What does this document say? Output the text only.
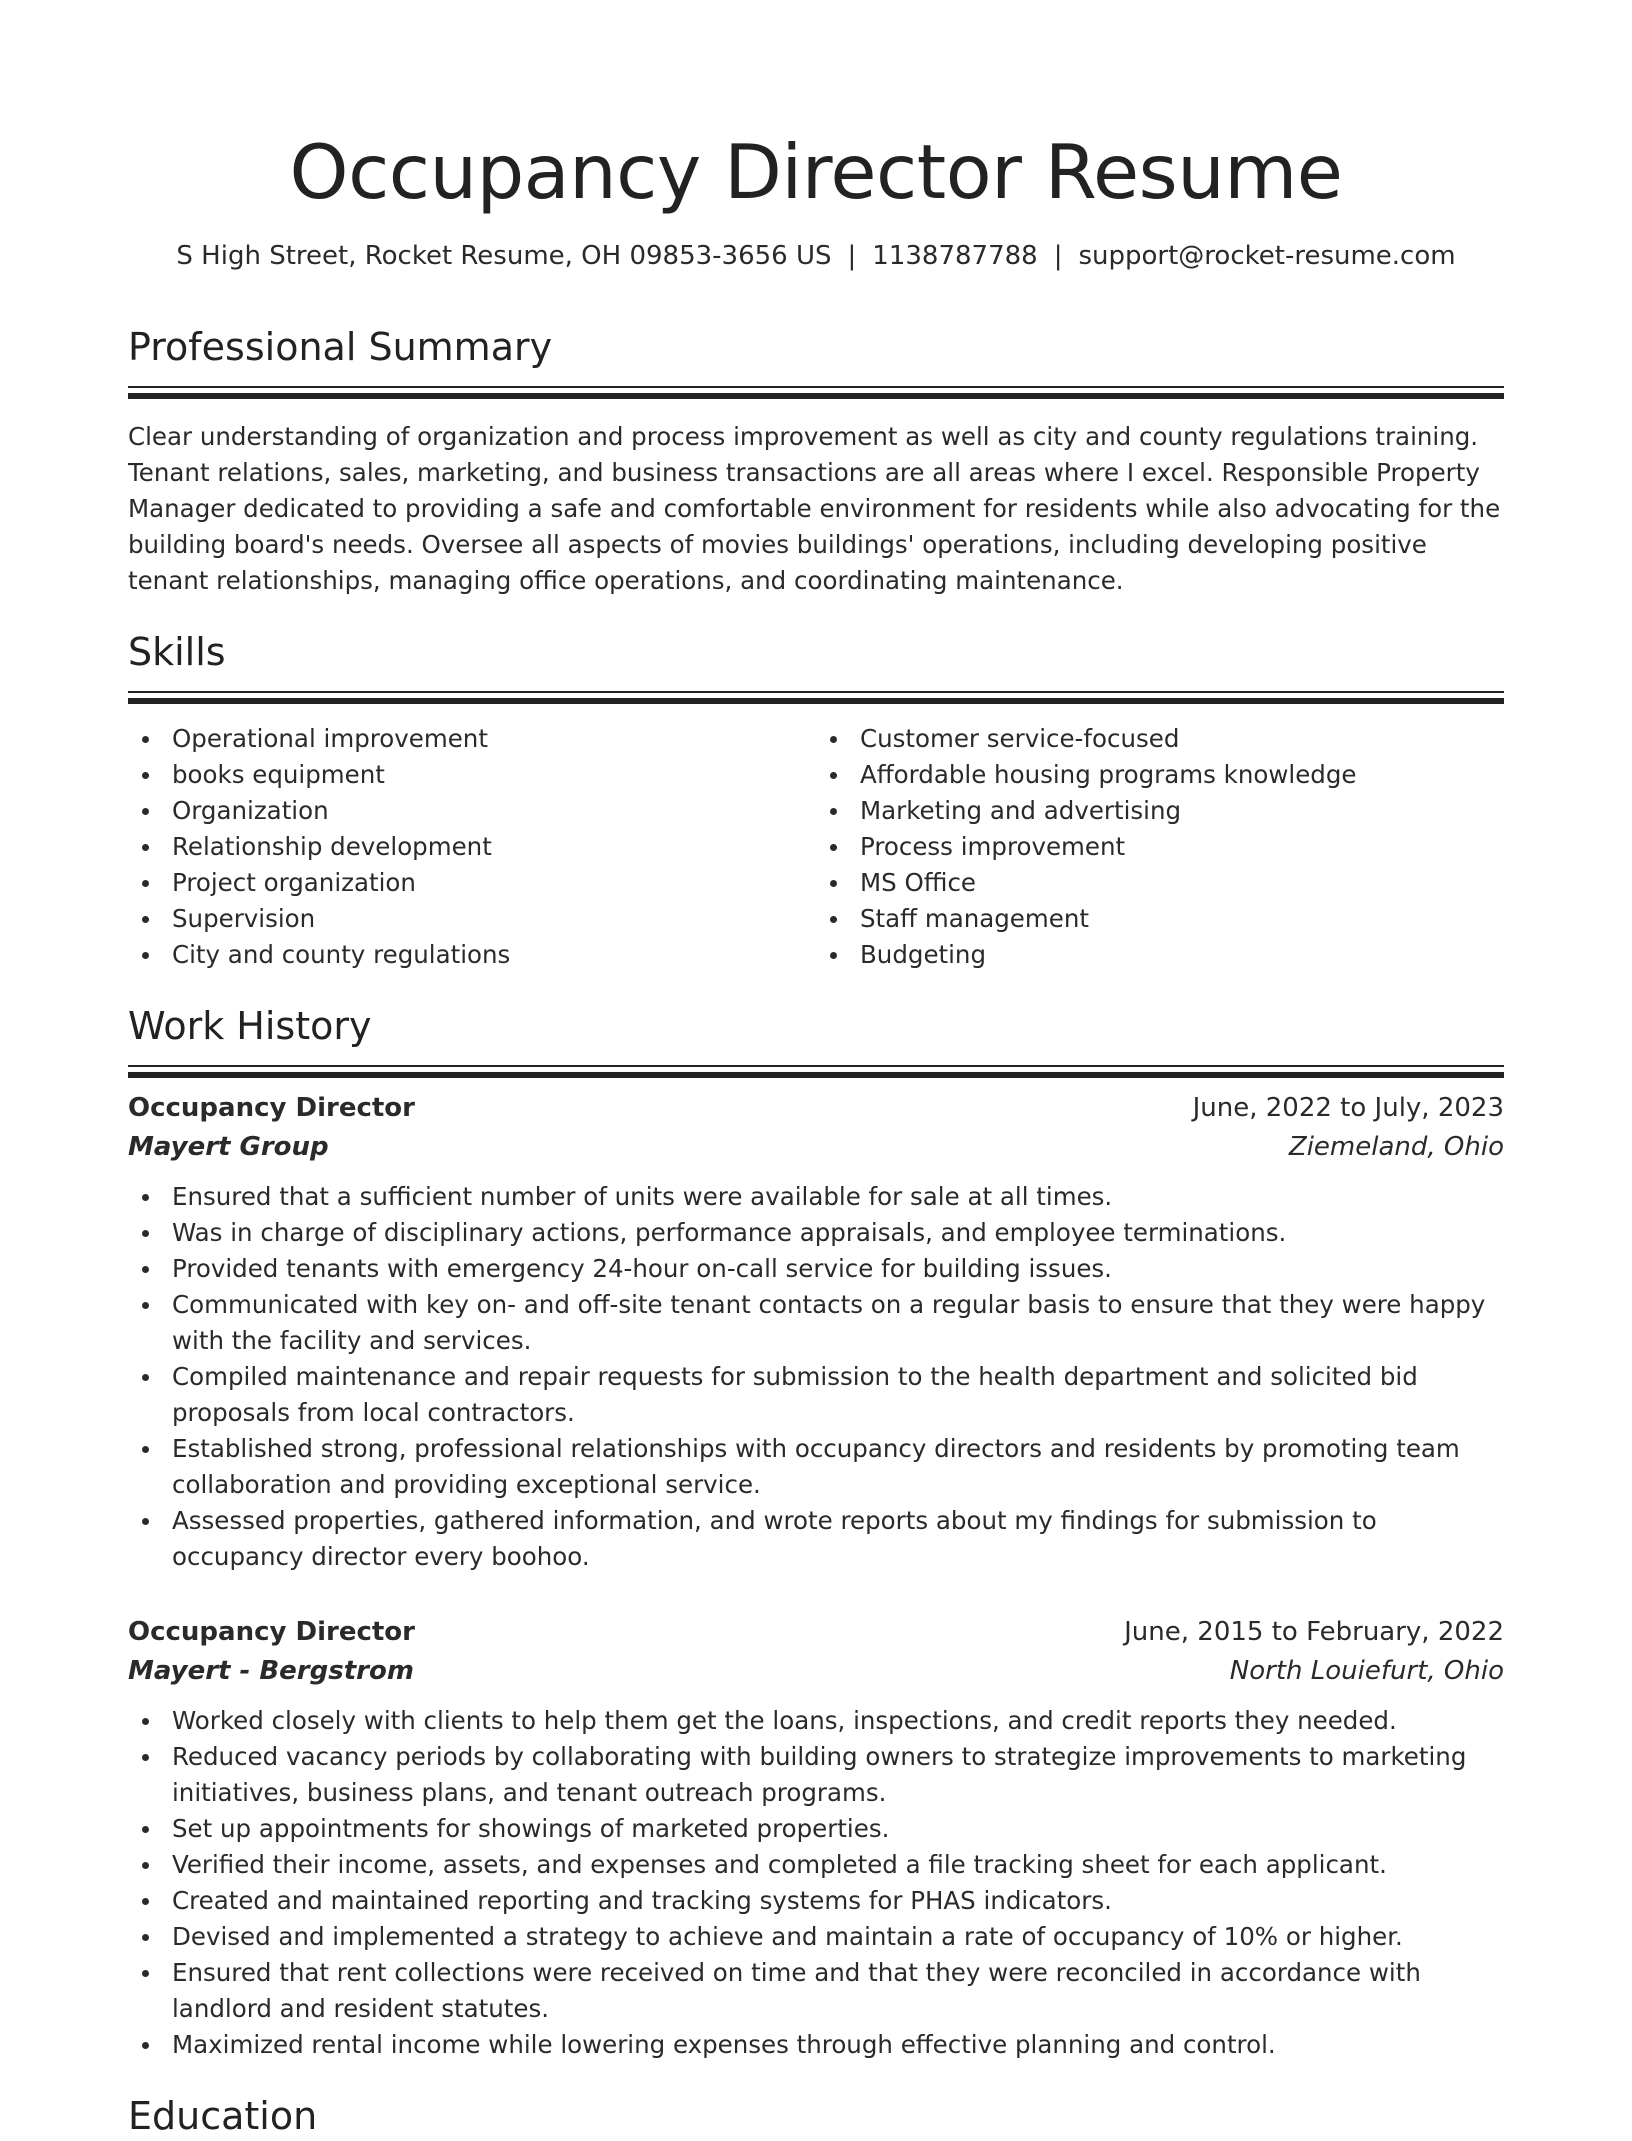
Occupancy Director Resume
S High Street, Rocket Resume, OH 09853-3656 US | 1138787788 | support@rocket-resume.com
Professional Summary

Clear understanding of organization and process improvement as well as city and county regulations training. Tenant relations, sales, marketing, and business transactions are all areas where I excel. Responsible Property Manager dedicated to providing a safe and comfortable environment for residents while also advocating for the building board's needs. Oversee all aspects of movies buildings' operations, including developing positive tenant relationships, managing office operations, and coordinating maintenance.

Skills
Operational improvement
books equipment
Organization
Relationship development
Project organization
Supervision
City and county regulations
Customer service-focused
Affordable housing programs knowledge
Marketing and advertising
Process improvement
MS Office
Staff management
Budgeting
Work History
Occupancy Director	June, 2022 to July, 2023
Mayert Group	Ziemeland, Ohio
Ensured that a sufficient number of units were available for sale at all times.
Was in charge of disciplinary actions, performance appraisals, and employee terminations.
Provided tenants with emergency 24-hour on-call service for building issues.
Communicated with key on- and off-site tenant contacts on a regular basis to ensure that they were happy with the facility and services.
Compiled maintenance and repair requests for submission to the health department and solicited bid proposals from local contractors.
Established strong, professional relationships with occupancy directors and residents by promoting team collaboration and providing exceptional service.
Assessed properties, gathered information, and wrote reports about my findings for submission to occupancy director every boohoo.
Occupancy Director	June, 2015 to February, 2022
Mayert - Bergstrom	North Louiefurt, Ohio
Worked closely with clients to help them get the loans, inspections, and credit reports they needed.
Reduced vacancy periods by collaborating with building owners to strategize improvements to marketing initiatives, business plans, and tenant outreach programs.
Set up appointments for showings of marketed properties.
Verified their income, assets, and expenses and completed a file tracking sheet for each applicant.
Created and maintained reporting and tracking systems for PHAS indicators.
Devised and implemented a strategy to achieve and maintain a rate of occupancy of 10% or higher.
Ensured that rent collections were received on time and that they were reconciled in accordance with landlord and resident statutes.
Maximized rental income while lowering expenses through effective planning and control.
Education
